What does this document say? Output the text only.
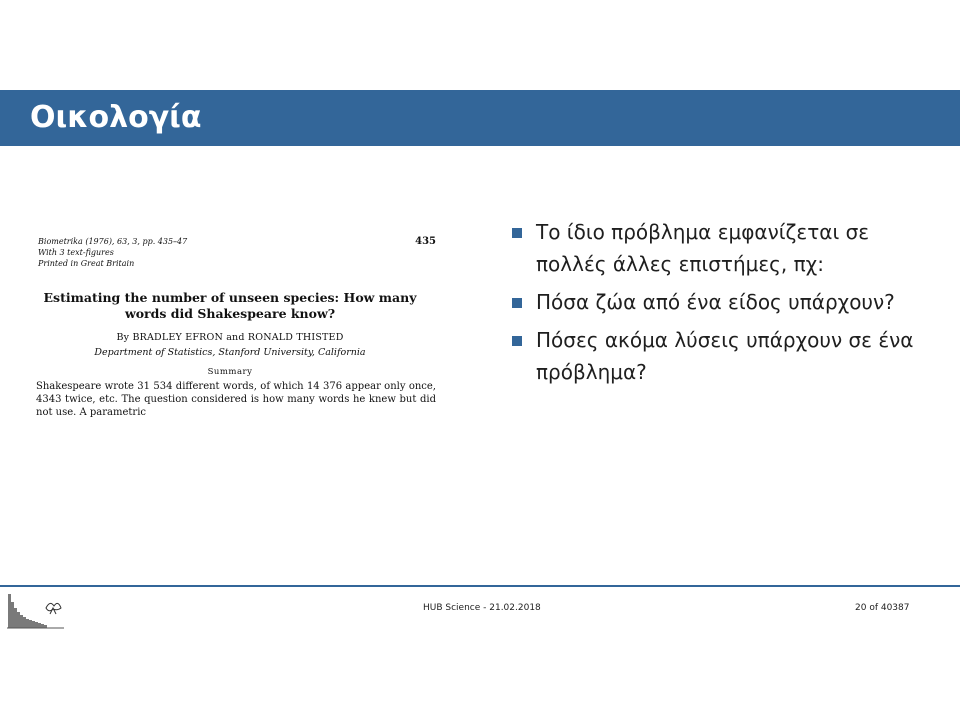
Οικολογία
Biometrika (1976), 63, 3, pp. 435–47
With 3 text-figures
Printed in Great Britain
435
Estimating the number of unseen species: How many
words did Shakespeare know?
By BRADLEY EFRON and RONALD THISTED
Department of Statistics, Stanford University, California
Summary
Shakespeare wrote 31 534 different words, of which 14 376 appear only once, 4343 twice, etc. The question considered is how many words he knew but did not use. A parametric
Το ίδιο πρόβλημα εμφανίζεται σε πολλές άλλες επιστήμες, πχ:
Πόσα ζώα από ένα είδος υπάρχουν?
Πόσες ακόμα λύσεις υπάρχουν σε ένα πρόβλημα?
HUB Science - 21.02.2018	20 of 40387
